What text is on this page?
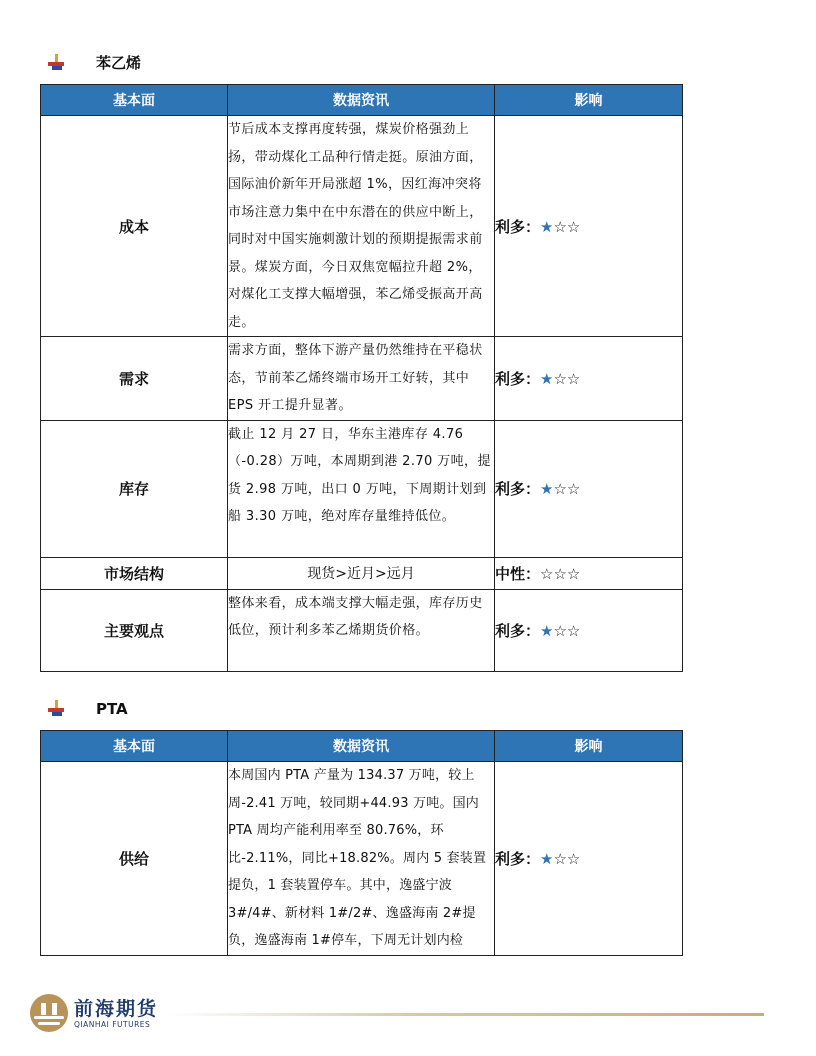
苯乙烯
基本面	数据资讯	影响
成本	节后成本支撑再度转强，煤炭价格强劲上扬，带动煤化工品种行情走挺。原油方面，国际油价新年开局涨超 1%，因红海冲突将市场注意力集中在中东潜在的供应中断上，同时对中国实施刺激计划的预期提振需求前景。煤炭方面，今日双焦宽幅拉升超 2%，对煤化工支撑大幅增强，苯乙烯受振高开高走。	利多：★☆☆
需求	需求方面，整体下游产量仍然维持在平稳状态，节前苯乙烯终端市场开工好转，其中 EPS 开工提升显著。	利多：★☆☆
库存	截止 12 月 27 日，华东主港库存 4.76（-0.28）万吨，本周期到港 2.70 万吨，提货 2.98 万吨，出口 0 万吨，下周期计划到船 3.30 万吨，绝对库存量维持低位。	利多：★☆☆
市场结构	现货>近月>远月	中性：☆☆☆
主要观点	整体来看，成本端支撑大幅走强，库存历史低位，预计利多苯乙烯期货价格。	利多：★☆☆
PTA
基本面	数据资讯	影响
供给	本周国内 PTA 产量为 134.37 万吨，较上周-2.41 万吨，较同期+44.93 万吨。国内 PTA 周均产能利用率至 80.76%，环比-2.11%，同比+18.82%。周内 5 套装置提负，1 套装置停车。其中，逸盛宁波 3#/4#、新材料 1#/2#、逸盛海南 2#提负，逸盛海南 1#停车，下周无计划内检	利多：★☆☆
前海期货
QIANHAI FUTURES
